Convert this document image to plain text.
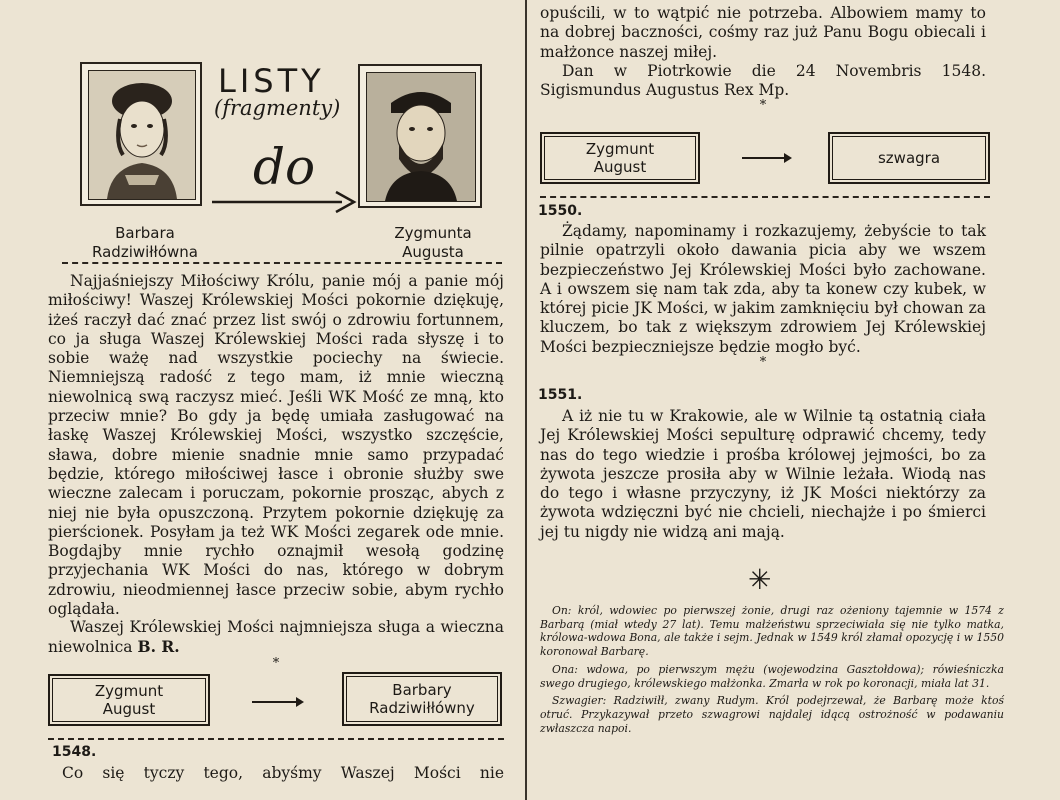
LISTY
(fragmenty)
do
Barbara
Radziwiłłówna
Zygmunta
Augusta

Najjaśniejszy Miłościwy Królu, panie mój a panie mój miłościwy! Waszej Królewskiej Mości pokornie dziękuję, iżeś raczył dać znać przez list swój o zdrowiu fortunnem, co ja sługa Waszej Królewskiej Mości rada słyszę i to sobie ważę nad wszystkie pociechy na świecie. Niemniejszą radość z tego mam, iż mnie wieczną niewolnicą swą raczysz mieć. Jeśli WK Mość ze mną, kto przeciw mnie? Bo gdy ja będę umiała zasługować na łaskę Waszej Królewskiej Mości, wszystko szczęście, sława, dobre mienie snadnie mnie samo przypadać będzie, którego miłościwej łasce i obronie służby swe wieczne zalecam i poruczam, pokornie prosząc, abych z niej nie była opuszczoną. Przytem pokornie dziękuję za pierścionek. Posyłam ja też WK Mości zegarek ode mnie. Bogdajby mnie rychło oznajmił wesołą godzinę przyjechania WK Mości do nas, którego w dobrym zdrowiu, nieodmiennej łasce przeciw sobie, abym rychło oglądała.

Waszej Królewskiej Mości najmniejsza sługa a wieczna niewolnica B. R.

*
Zygmunt
August
Barbary
Radziwiłłówny
1548.
Co się tyczy tego, abyśmy Waszej Mości nie

opuścili, w to wątpić nie potrzeba. Albowiem mamy to na dobrej baczności, cośmy raz już Panu Bogu obiecali i małżonce naszej miłej.

Dan w Piotrkowie die 24 Novembris 1548. Sigismundus Augustus Rex Mp.

*
Zygmunt
August	szwagra
1550.

Żądamy, napominamy i rozkazujemy, żebyście to tak pilnie opatrzyli około dawania picia aby we wszem bezpieczeństwo Jej Królewskiej Mości było zachowane. A i owszem się nam tak zda, aby ta konew czy kubek, w której picie JK Mości, w jakim zamknięciu był chowan za kluczem, bo tak z większym zdrowiem Jej Królewskiej Mości bezpieczniejsze będzie mogło być.

*
1551.

A iż nie tu w Krakowie, ale w Wilnie tą ostatnią ciała Jej Królewskiej Mości sepulturę odprawić chcemy, tedy nas do tego wiedzie i prośba królowej jejmości, bo za żywota jeszcze prosiła aby w Wilnie leżała. Wiodą nas do tego i własne przyczyny, iż JK Mości niektórzy za żywota wdzięczni być nie chcieli, niechajże i po śmierci jej tu nigdy nie widzą ani mają.

✳

On: król, wdowiec po pierwszej żonie, drugi raz ożeniony tajemnie w 1574 z Barbarą (miał wtedy 27 lat). Temu małżeństwu sprzeciwiała się nie tylko matka, królowa-wdowa Bona, ale także i sejm. Jednak w 1549 król złamał opozycję i w 1550 koronował Barbarę.

Ona: wdowa, po pierwszym mężu (wojewodzina Gasztołdowa); rówieśniczka swego drugiego, królewskiego małżonka. Zmarła w rok po koronacji, miała lat 31.

Szwagier: Radziwiłł, zwany Rudym. Król podejrzewał, że Barbarę może ktoś otruć. Przykazywał przeto szwagrowi najdalej idącą ostrożność w podawaniu zwłaszcza napoi.
